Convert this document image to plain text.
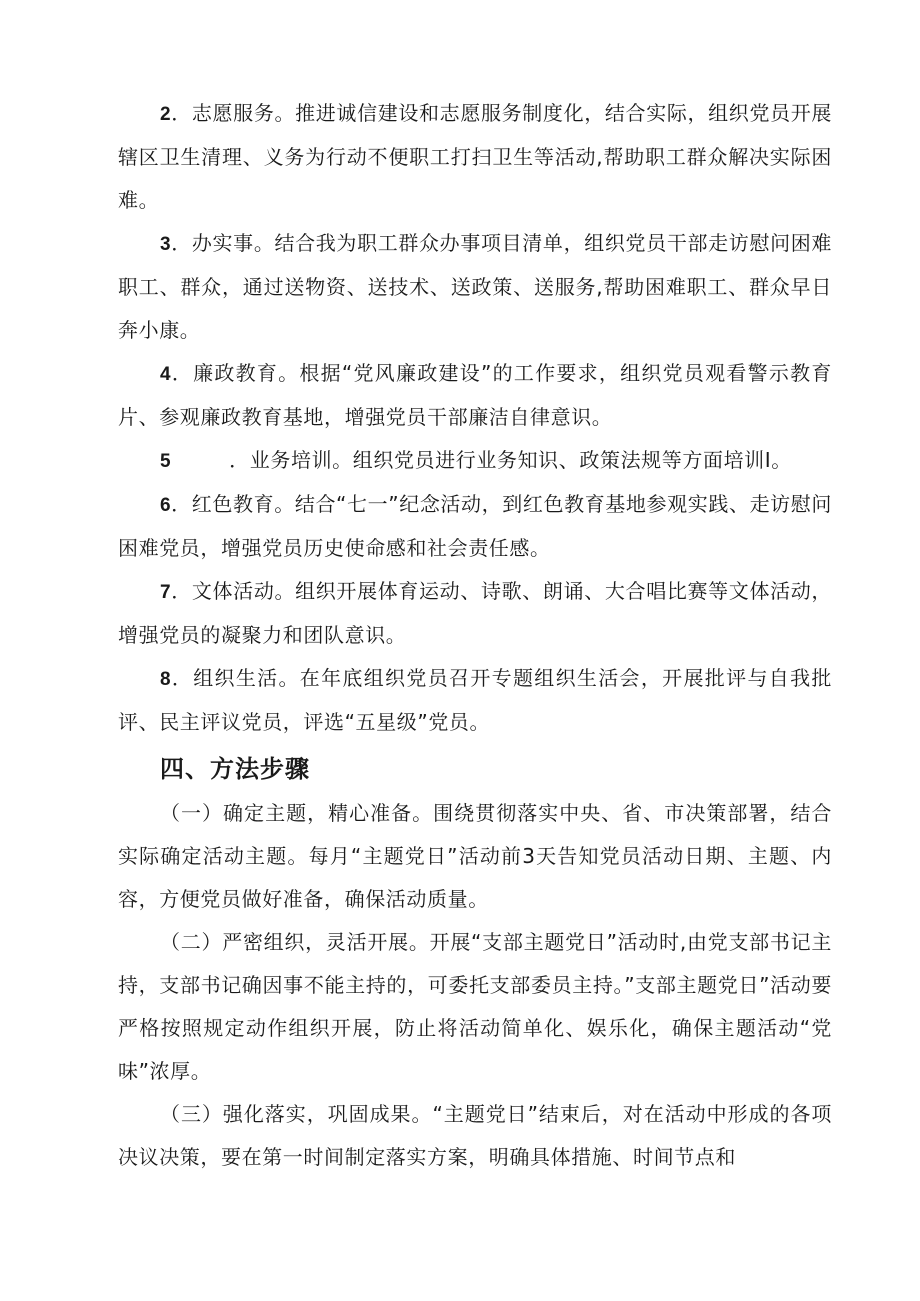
2．志愿服务。推进诚信建设和志愿服务制度化，结合实际，组织党员开展辖区卫生清理、义务为行动不便职工打扫卫生等活动,帮助职工群众解决实际困难。

3．办实事。结合我为职工群众办事项目清单，组织党员干部走访慰问困难职工、群众，通过送物资、送技术、送政策、送服务,帮助困难职工、群众早日奔小康。

4．廉政教育。根据“党风廉政建设”的工作要求，组织党员观看警示教育片、参观廉政教育基地，增强党员干部廉洁自律意识。

5	．业务培训。组织党员进行业务知识、政策法规等方面培训I。

6．红色教育。结合“七一”纪念活动，到红色教育基地参观实践、走访慰问困难党员，增强党员历史使命感和社会责任感。

7．文体活动。组织开展体育运动、诗歌、朗诵、大合唱比赛等文体活动，增强党员的凝聚力和团队意识。

8．组织生活。在年底组织党员召开专题组织生活会，开展批评与自我批评、民主评议党员，评选“五星级”党员。

四、方法步骤

（一）确定主题，精心准备。围绕贯彻落实中央、省、市决策部署，结合实际确定活动主题。每月“主题党日”活动前3天告知党员活动日期、主题、内容，方便党员做好准备，确保活动质量。

（二）严密组织，灵活开展。开展“支部主题党日”活动时,由党支部书记主持，支部书记确因事不能主持的，可委托支部委员主持。”支部主题党日”活动要严格按照规定动作组织开展，防止将活动简单化、娱乐化，确保主题活动“党味”浓厚。

（三）强化落实，巩固成果。“主题党日”结束后，对在活动中形成的各项决议决策，要在第一时间制定落实方案，明确具体措施、时间节点和
